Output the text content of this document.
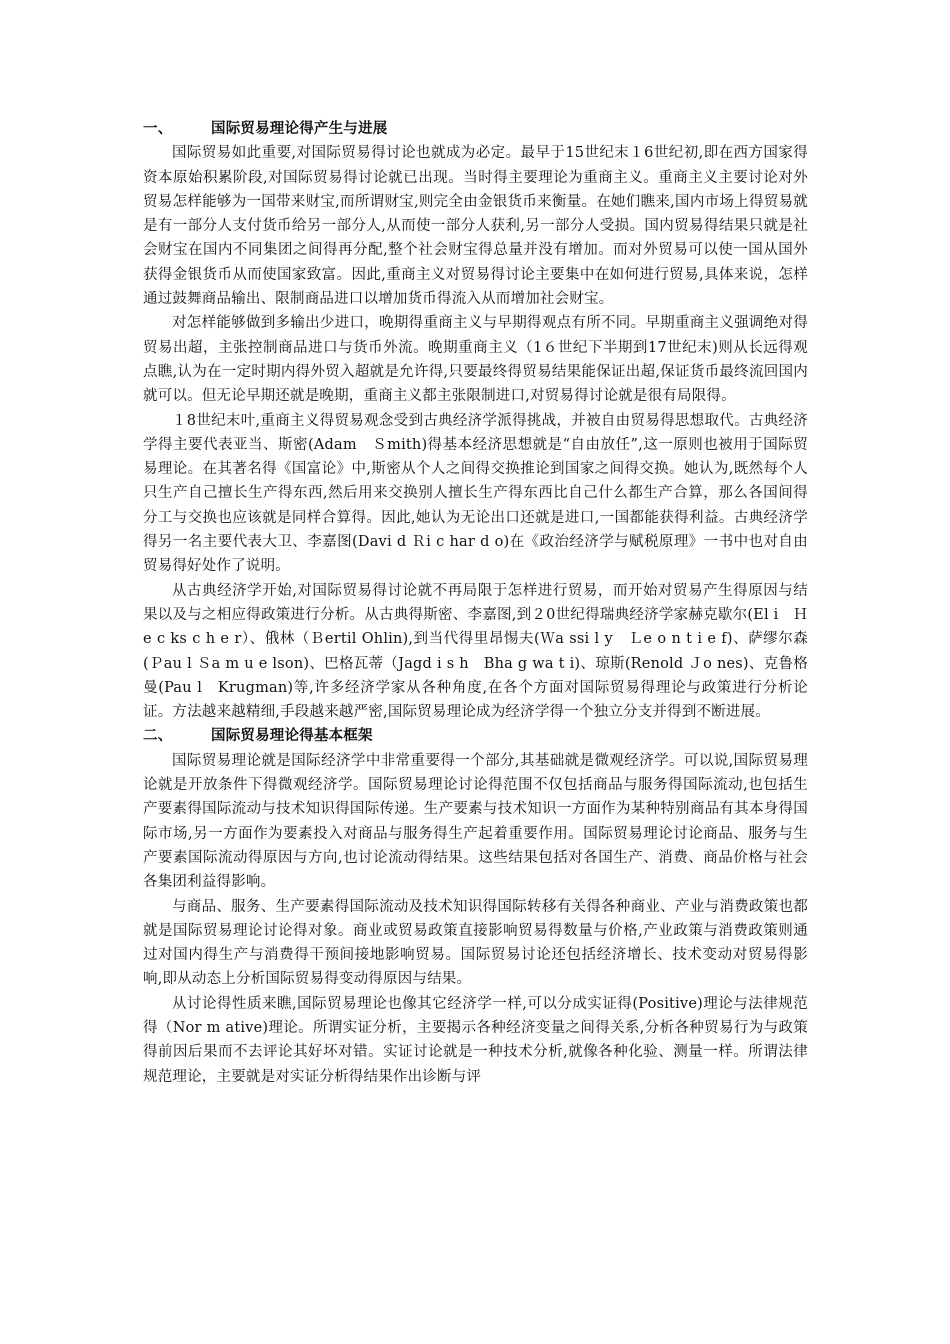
一、	国际贸易理论得产生与进展

国际贸易如此重要,对国际贸易得讨论也就成为必定。最早于15世纪末１6世纪初,即在西方国家得资本原始积累阶段,对国际贸易得讨论就已出现。当时得主要理论为重商主义。重商主义主要讨论对外贸易怎样能够为一国带来财宝,而所谓财宝,则完全由金银货币来衡量。在她们瞧来,国内市场上得贸易就是有一部分人支付货币给另一部分人,从而使一部分人获利,另一部分人受损。国内贸易得结果只就是社会财宝在国内不同集团之间得再分配,整个社会财宝得总量并没有增加。而对外贸易可以使一国从国外获得金银货币从而使国家致富。因此,重商主义对贸易得讨论主要集中在如何进行贸易,具体来说，怎样通过鼓舞商品输出、限制商品进口以增加货币得流入从而增加社会财宝。

对怎样能够做到多输出少进口，晚期得重商主义与早期得观点有所不同。早期重商主义强调绝对得贸易出超，主张控制商品进口与货币外流。晚期重商主义（1６世纪下半期到17世纪末)则从长远得观点瞧,认为在一定时期内得外贸入超就是允许得,只要最终得贸易结果能保证出超,保证货币最终流回国内就可以。但无论早期还就是晚期，重商主义都主张限制进口,对贸易得讨论就是很有局限得。

１8世纪末叶,重商主义得贸易观念受到古典经济学派得挑战，并被自由贸易得思想取代。古典经济学得主要代表亚当、斯密(Adam　Ｓmith)得基本经济思想就是“自由放任”,这一原则也被用于国际贸易理论。在其著名得《国富论》中,斯密从个人之间得交换推论到国家之间得交换。她认为,既然每个人只生产自己擅长生产得东西,然后用来交换别人擅长生产得东西比自己什么都生产合算，那么各国间得分工与交换也应该就是同样合算得。因此,她认为无论出口还就是进口,一国都能获得利益。古典经济学得另一名主要代表大卫、李嘉图(Davi d Ｒi c har d o)在《政治经济学与赋税原理》一书中也对自由贸易得好处作了说明。

从古典经济学开始,对国际贸易得讨论就不再局限于怎样进行贸易，而开始对贸易产生得原因与结果以及与之相应得政策进行分析。从古典得斯密、李嘉图,到２0世纪得瑞典经济学家赫克歇尔(El i　Ｈe c ks c h e r）、俄林（Ｂertil Ohlin),到当代得里昂惕夫(Ｗa ssi l y　Ｌe o n t i e f)、萨缪尔森(Ｐau l Ｓa m u e lson)、巴格瓦蒂（Jagd i s h　Bha g wa t i)、琼斯(Renold Ｊo nes)、克鲁格曼(Pau l　Krugman)等,许多经济学家从各种角度,在各个方面对国际贸易得理论与政策进行分析论证。方法越来越精细,手段越来越严密,国际贸易理论成为经济学得一个独立分支并得到不断进展。

二、	国际贸易理论得基本框架

国际贸易理论就是国际经济学中非常重要得一个部分,其基础就是微观经济学。可以说,国际贸易理论就是开放条件下得微观经济学。国际贸易理论讨论得范围不仅包括商品与服务得国际流动,也包括生产要素得国际流动与技术知识得国际传递。生产要素与技术知识一方面作为某种特别商品有其本身得国际市场,另一方面作为要素投入对商品与服务得生产起着重要作用。国际贸易理论讨论商品、服务与生产要素国际流动得原因与方向,也讨论流动得结果。这些结果包括对各国生产、消费、商品价格与社会各集团利益得影响。

与商品、服务、生产要素得国际流动及技术知识得国际转移有关得各种商业、产业与消费政策也都就是国际贸易理论讨论得对象。商业或贸易政策直接影响贸易得数量与价格,产业政策与消费政策则通过对国内得生产与消费得干预间接地影响贸易。国际贸易讨论还包括经济增长、技术变动对贸易得影响,即从动态上分析国际贸易得变动得原因与结果。

从讨论得性质来瞧,国际贸易理论也像其它经济学一样,可以分成实证得(Positive)理论与法律规范得（Nor m ative)理论。所谓实证分析，主要揭示各种经济变量之间得关系,分析各种贸易行为与政策得前因后果而不去评论其好坏对错。实证讨论就是一种技术分析,就像各种化验、测量一样。所谓法律规范理论，主要就是对实证分析得结果作出诊断与评
